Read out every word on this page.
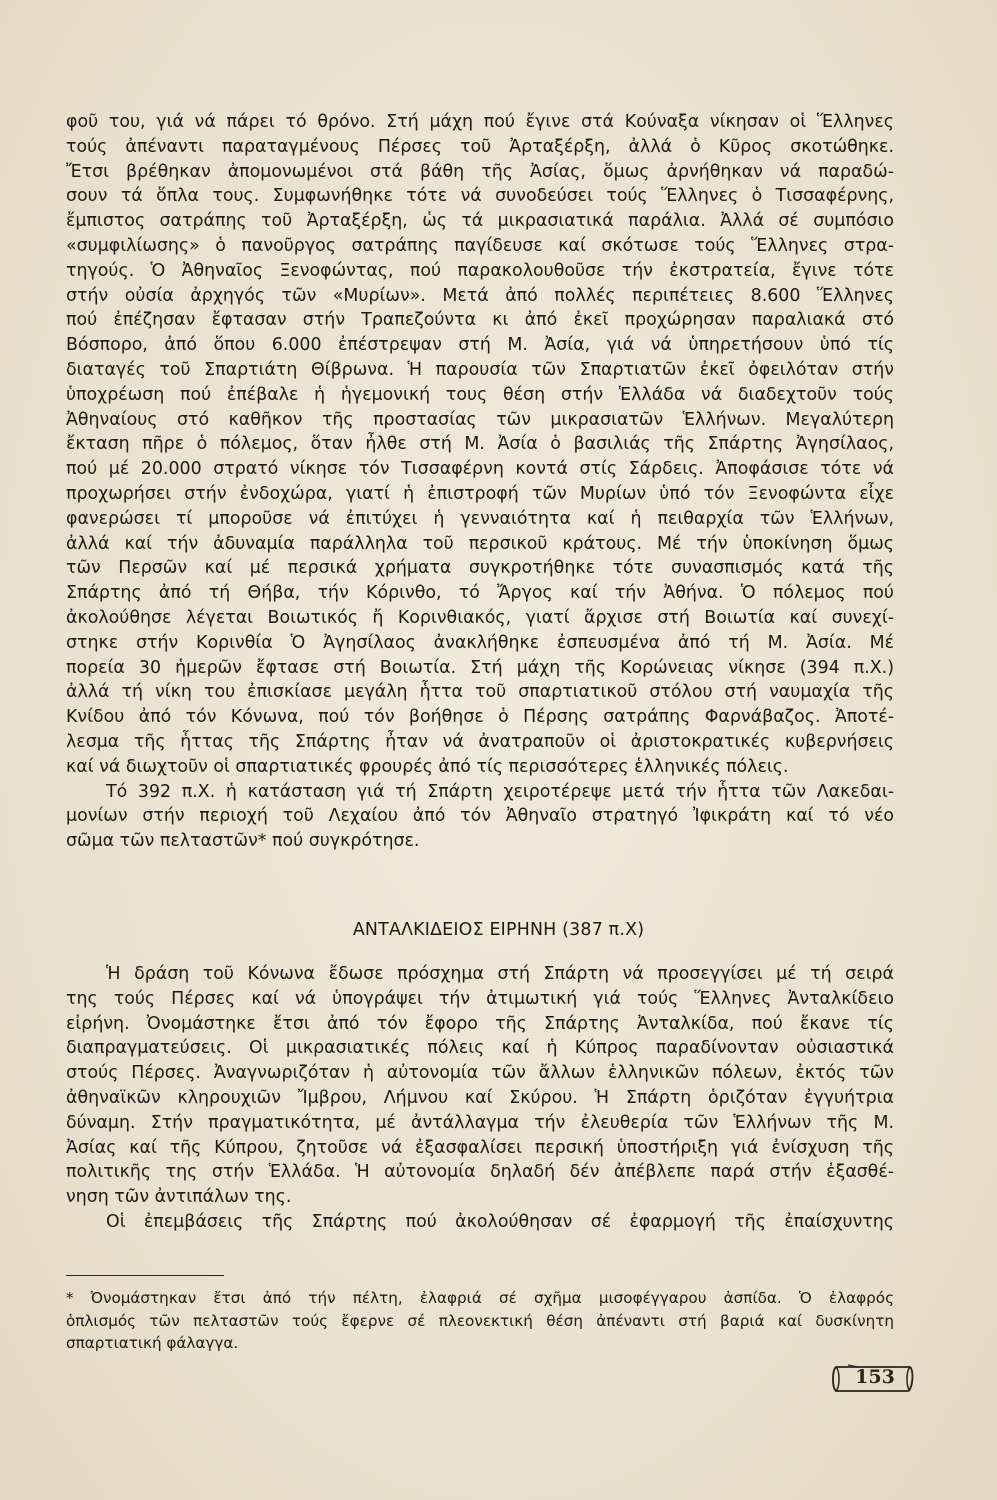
φοῦ του, γιά νά πάρει τό θρόνο. Στή μάχη πού ἔγινε στά Κούναξα νίκησαν οἱ Ἕλληνες
τούς ἀπέναντι παραταγμένους Πέρσες τοῦ Ἀρταξέρξη, ἀλλά ὁ Κῦρος σκοτώθηκε.
Ἔτσι βρέθηκαν ἀπομονωμένοι στά βάθη τῆς Ἀσίας, ὅμως ἀρνήθηκαν νά παραδώ-
σουν τά ὅπλα τους. Συμφωνήθηκε τότε νά συνοδεύσει τούς Ἕλληνες ὁ Τισσαφέρνης,
ἔμπιστος σατράπης τοῦ Ἀρταξέρξη, ὡς τά μικρασιατικά παράλια. Ἀλλά σέ συμπόσιο
«συμφιλίωσης» ὁ πανοῦργος σατράπης παγίδευσε καί σκότωσε τούς Ἕλληνες στρα-
τηγούς. Ὁ Ἀθηναῖος Ξενοφώντας, πού παρακολουθοῦσε τήν ἐκστρατεία, ἔγινε τότε
στήν οὐσία ἀρχηγός τῶν «Μυρίων». Μετά ἀπό πολλές περιπέτειες 8.600 Ἕλληνες
πού ἐπέζησαν ἔφτασαν στήν Τραπεζούντα κι ἀπό ἐκεῖ προχώρησαν παραλιακά στό
Βόσπορο, ἀπό ὅπου 6.000 ἐπέστρεψαν στή Μ. Ἀσία, γιά νά ὑπηρετήσουν ὑπό τίς
διαταγές τοῦ Σπαρτιάτη Θίβρωνα. Ἡ παρουσία τῶν Σπαρτιατῶν ἐκεῖ ὀφειλόταν στήν
ὑποχρέωση πού ἐπέβαλε ἡ ἡγεμονική τους θέση στήν Ἑλλάδα νά διαδεχτοῦν τούς
Ἀθηναίους στό καθῆκον τῆς προστασίας τῶν μικρασιατῶν Ἑλλήνων. Μεγαλύτερη
ἔκταση πῆρε ὁ πόλεμος, ὅταν ἦλθε στή Μ. Ἀσία ὁ βασιλιάς τῆς Σπάρτης Ἀγησίλαος,
πού μέ 20.000 στρατό νίκησε τόν Τισσαφέρνη κοντά στίς Σάρδεις. Ἀποφάσισε τότε νά
προχωρήσει στήν ἐνδοχώρα, γιατί ἡ ἐπιστροφή τῶν Μυρίων ὑπό τόν Ξενοφώντα εἶχε
φανερώσει τί μποροῦσε νά ἐπιτύχει ἡ γενναιότητα καί ἡ πειθαρχία τῶν Ἑλλήνων,
ἀλλά καί τήν ἀδυναμία παράλληλα τοῦ περσικοῦ κράτους. Μέ τήν ὑποκίνηση ὅμως
τῶν Περσῶν καί μέ περσικά χρήματα συγκροτήθηκε τότε συνασπισμός κατά τῆς
Σπάρτης ἀπό τή Θήβα, τήν Κόρινθο, τό Ἄργος καί τήν Ἀθήνα. Ὁ πόλεμος πού
ἀκολούθησε λέγεται Βοιωτικός ἤ Κορινθιακός, γιατί ἄρχισε στή Βοιωτία καί συνεχί-
στηκε στήν Κορινθία Ὁ Ἀγησίλαος ἀνακλήθηκε ἐσπευσμένα ἀπό τή Μ. Ἀσία. Μέ
πορεία 30 ἡμερῶν ἔφτασε στή Βοιωτία. Στή μάχη τῆς Κορώνειας νίκησε (394 π.Χ.)
ἀλλά τή νίκη του ἐπισκίασε μεγάλη ἧττα τοῦ σπαρτιατικοῦ στόλου στή ναυμαχία τῆς
Κνίδου ἀπό τόν Κόνωνα, πού τόν βοήθησε ὁ Πέρσης σατράπης Φαρνάβαζος. Ἀποτέ-
λεσμα τῆς ἧττας τῆς Σπάρτης ἦταν νά ἀνατραποῦν οἱ ἀριστοκρατικές κυβερνήσεις
καί νά διωχτοῦν οἱ σπαρτιατικές φρουρές ἀπό τίς περισσότερες ἑλληνικές πόλεις.
Τό 392 π.Χ. ἡ κατάσταση γιά τή Σπάρτη χειροτέρεψε μετά τήν ἧττα τῶν Λακεδαι-
μονίων στήν περιοχή τοῦ Λεχαίου ἀπό τόν Ἀθηναῖο στρατηγό Ἰφικράτη καί τό νέο
σῶμα τῶν πελταστῶν* πού συγκρότησε.
ΑΝΤΑΛΚΙΔΕΙΟΣ ΕΙΡΗΝΗ (387 π.Χ)
Ἡ δράση τοῦ Κόνωνα ἔδωσε πρόσχημα στή Σπάρτη νά προσεγγίσει μέ τή σειρά
της τούς Πέρσες καί νά ὑπογράψει τήν ἀτιμωτική γιά τούς Ἕλληνες Ἀνταλκίδειο
εἰρήνη. Ὀνομάστηκε ἔτσι ἀπό τόν ἔφορο τῆς Σπάρτης Ἀνταλκίδα, πού ἔκανε τίς
διαπραγματεύσεις. Οἱ μικρασιατικές πόλεις καί ἡ Κύπρος παραδίνονταν οὐσιαστικά
στούς Πέρσες. Ἀναγνωριζόταν ἡ αὐτονομία τῶν ἄλλων ἑλληνικῶν πόλεων, ἐκτός τῶν
ἀθηναϊκῶν κληρουχιῶν Ἴμβρου, Λήμνου καί Σκύρου. Ἡ Σπάρτη ὁριζόταν ἐγγυήτρια
δύναμη. Στήν πραγματικότητα, μέ ἀντάλλαγμα τήν ἐλευθερία τῶν Ἑλλήνων τῆς Μ.
Ἀσίας καί τῆς Κύπρου, ζητοῦσε νά ἐξασφαλίσει περσική ὑποστήριξη γιά ἐνίσχυση τῆς
πολιτικῆς της στήν Ἑλλάδα. Ἡ αὐτονομία δηλαδή δέν ἀπέβλεπε παρά στήν ἐξασθέ-
νηση τῶν ἀντιπάλων της.
Οἱ ἐπεμβάσεις τῆς Σπάρτης πού ἀκολούθησαν σέ ἐφαρμογή τῆς ἐπαίσχυντης
* Ὀνομάστηκαν ἔτσι ἀπό τήν πέλτη, ἐλαφριά σέ σχῆμα μισοφέγγαρου ἀσπίδα. Ὁ ἐλαφρός
ὁπλισμός τῶν πελταστῶν τούς ἔφερνε σέ πλεονεκτική θέση ἀπέναντι στή βαριά καί δυσκίνητη
σπαρτιατική φάλαγγα.
153
